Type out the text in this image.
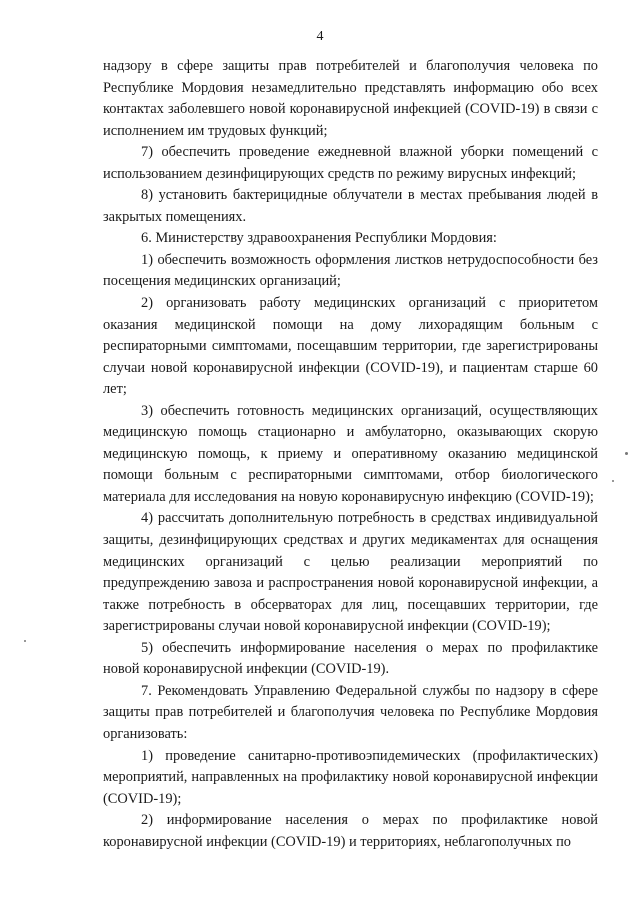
4

надзору в сфере защиты прав потребителей и благополучия человека по Республике Мордовия незамедлительно представлять информацию обо всех контактах заболевшего новой коронавирусной инфекцией (COVID-19) в связи с исполнением им трудовых функций;

7) обеспечить проведение ежедневной влажной уборки помещений с использованием дезинфицирующих средств по режиму вирусных инфекций;

8) установить бактерицидные облучатели в местах пребывания людей в закрытых помещениях.

6. Министерству здравоохранения Республики Мордовия:

1) обеспечить возможность оформления листков нетрудоспособности без посещения медицинских организаций;

2) организовать работу медицинских организаций с приоритетом оказания медицинской помощи на дому лихорадящим больным с респираторными симптомами, посещавшим территории, где зарегистрированы случаи новой коронавирусной инфекции (COVID-19), и пациентам старше 60 лет;

3) обеспечить готовность медицинских организаций, осуществляющих медицинскую помощь стационарно и амбулаторно, оказывающих скорую медицинскую помощь, к приему и оперативному оказанию медицинской помощи больным с респираторными симптомами, отбор биологического материала для исследования на новую коронавирусную инфекцию (COVID-19);

4) рассчитать дополнительную потребность в средствах индивидуальной защиты, дезинфицирующих средствах и других медикаментах для оснащения медицинских организаций с целью реализации мероприятий по предупреждению завоза и распространения новой коронавирусной инфекции, а также потребность в обсерваторах для лиц, посещавших территории, где зарегистрированы случаи новой коронавирусной инфекции (COVID-19);

5) обеспечить информирование населения о мерах по профилактике новой коронавирусной инфекции (COVID-19).

7. Рекомендовать Управлению Федеральной службы по надзору в сфере защиты прав потребителей и благополучия человека по Республике Мордовия организовать:

1) проведение санитарно-противоэпидемических (профилактических) мероприятий, направленных на профилактику новой коронавирусной инфекции (COVID-19);

2) информирование населения о мерах по профилактике новой коронавирусной инфекции (COVID-19) и территориях, неблагополучных по
